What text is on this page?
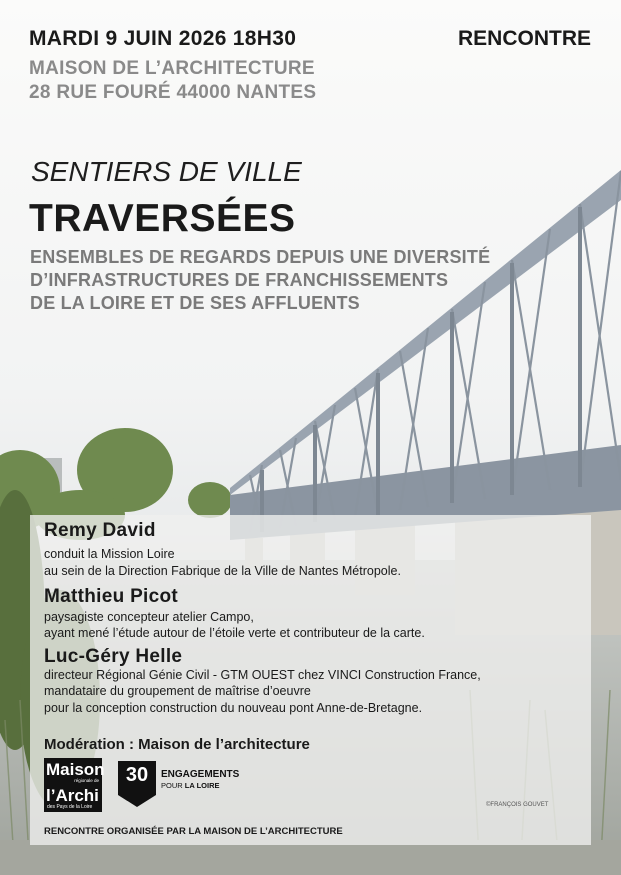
MARDI 9 JUIN 2026 18H30	RENCONTRE
MAISON DE L’ARCHITECTURE
28 RUE FOURÉ 44000 NANTES
SENTIERS DE VILLE
TRAVERSÉES
ENSEMBLES DE REGARDS DEPUIS UNE DIVERSITÉ
D’INFRASTRUCTURES DE FRANCHISSEMENTS
DE LA LOIRE ET DE SES AFFLUENTS
Remy David
conduit la Mission Loire
au sein de la Direction Fabrique de la Ville de Nantes Métropole.
Matthieu Picot
paysagiste concepteur atelier Campo,
ayant mené l’étude autour de l’étoile verte et contributeur de la carte.
Luc-Géry Helle
directeur Régional Génie Civil - GTM OUEST chez VINCI Construction France,
mandataire du groupement de maîtrise d’oeuvre
pour la conception construction du nouveau pont Anne-de-Bretagne.
Modération : Maison de l’architecture
Maison
régionale de
l’Archi
des Pays de la Loire
30	ENGAGEMENTS
POUR LA LOIRE
©FRANÇOIS GOUVET
RENCONTRE ORGANISÉE PAR LA MAISON DE L’ARCHITECTURE
